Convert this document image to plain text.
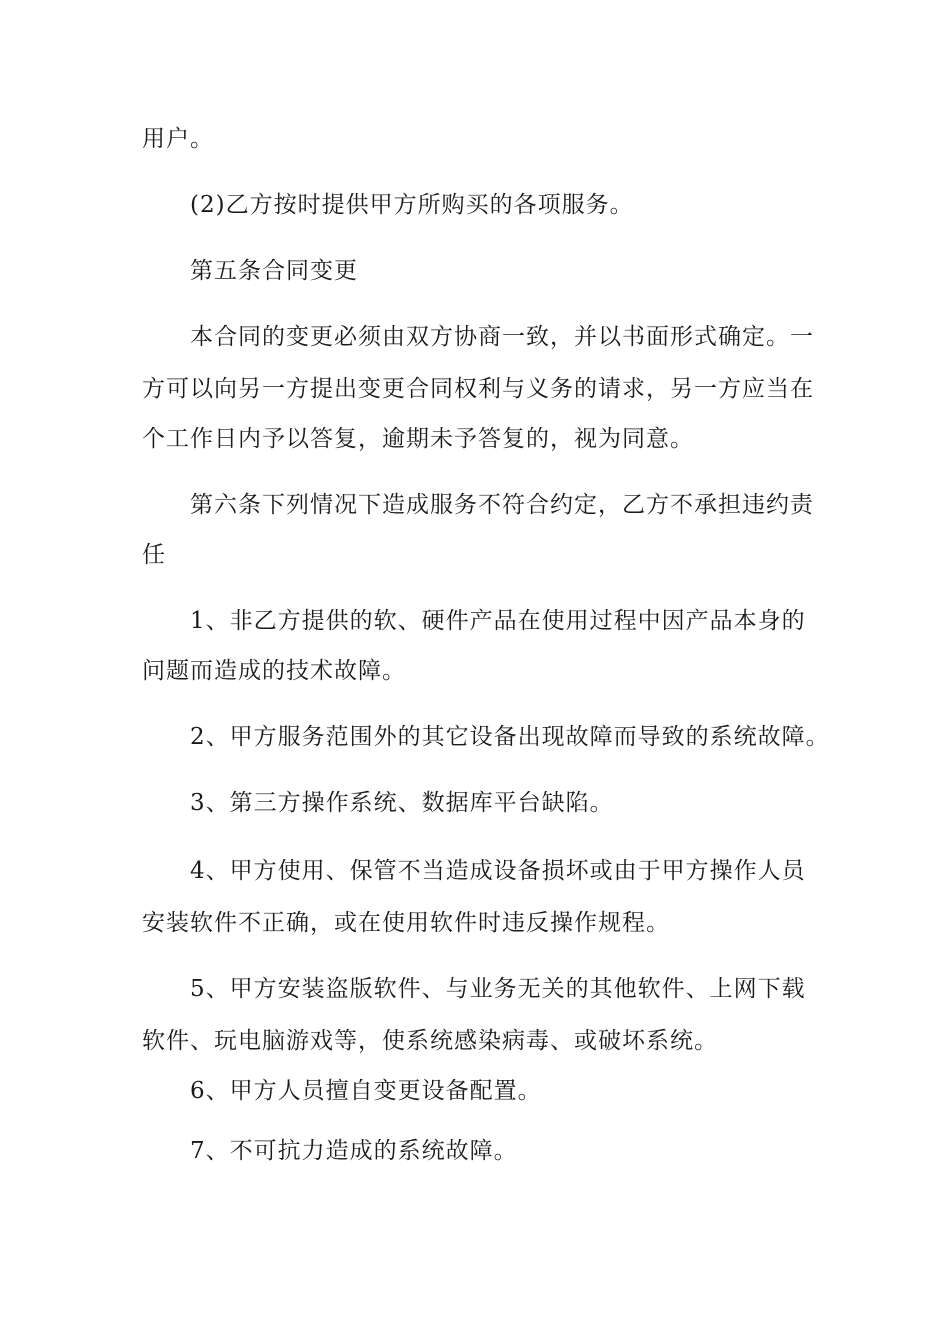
用户。
(2)乙方按时提供甲方所购买的各项服务。
第五条合同变更
本合同的变更必须由双方协商一致，并以书面形式确定。一
方可以向另一方提出变更合同权利与义务的请求，另一方应当在
个工作日内予以答复，逾期未予答复的，视为同意。
第六条下列情况下造成服务不符合约定，乙方不承担违约责
任
1、非乙方提供的软、硬件产品在使用过程中因产品本身的
问题而造成的技术故障。
2、甲方服务范围外的其它设备出现故障而导致的系统故障。
3、第三方操作系统、数据库平台缺陷。
4、甲方使用、保管不当造成设备损坏或由于甲方操作人员
安装软件不正确，或在使用软件时违反操作规程。
5、甲方安装盗版软件、与业务无关的其他软件、上网下载
软件、玩电脑游戏等，使系统感染病毒、或破坏系统。
6、甲方人员擅自变更设备配置。
7、不可抗力造成的系统故障。
